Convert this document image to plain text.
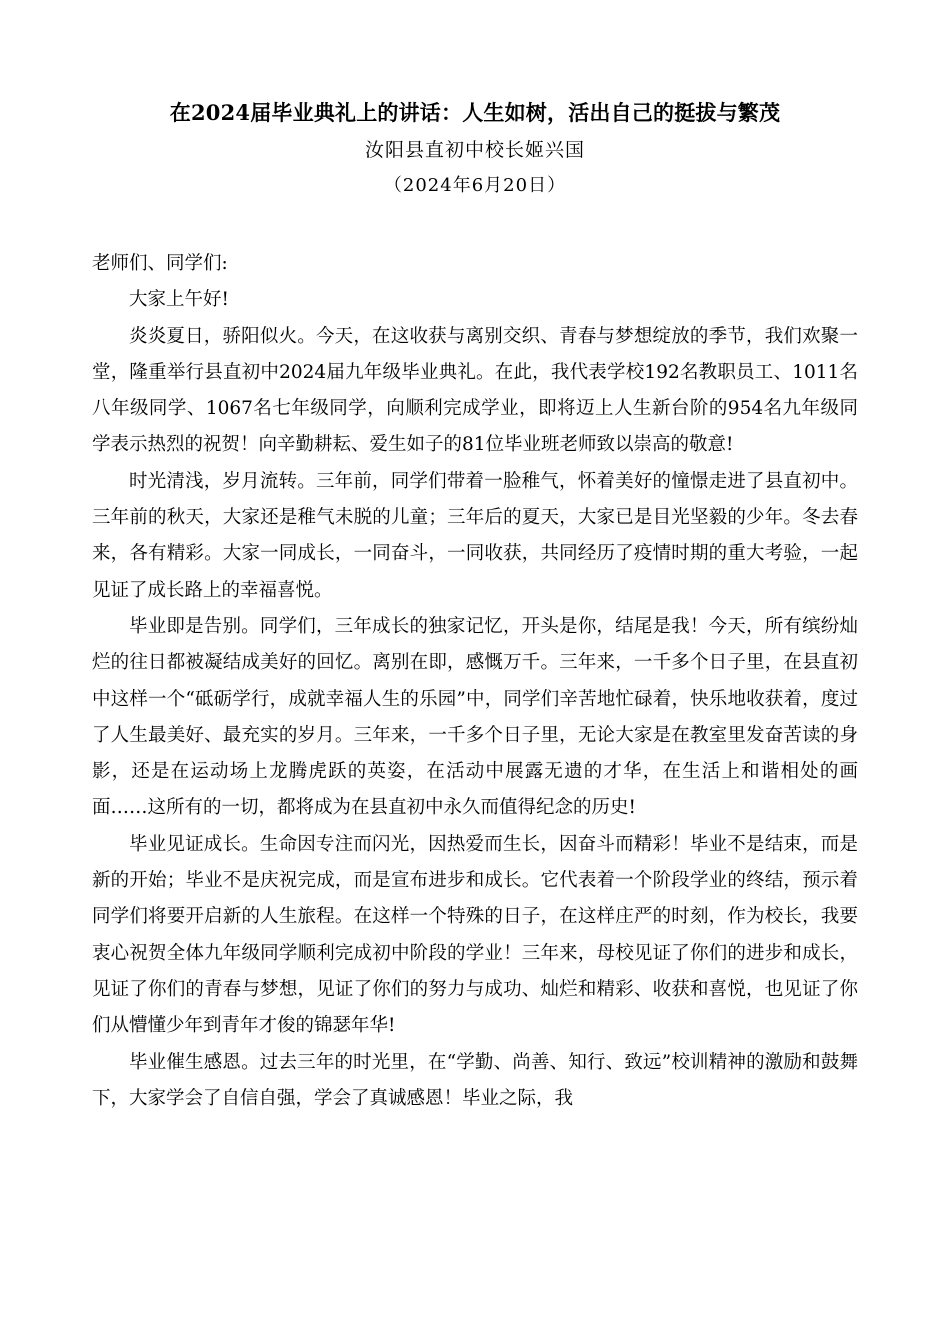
在2024届毕业典礼上的讲话：人生如树，活出自己的挺拔与繁茂
汝阳县直初中校长姬兴国
（2024年6月20日）

老师们、同学们:

大家上午好!

炎炎夏日，骄阳似火。今天，在这收获与离别交织、青春与梦想绽放的季节，我们欢聚一堂，隆重举行县直初中2024届九年级毕业典礼。在此，我代表学校192名教职员工、1011名八年级同学、1067名七年级同学，向顺利完成学业，即将迈上人生新台阶的954名九年级同学表示热烈的祝贺！向辛勤耕耘、爱生如子的81位毕业班老师致以崇高的敬意!

时光清浅，岁月流转。三年前，同学们带着一脸稚气，怀着美好的憧憬走进了县直初中。三年前的秋天，大家还是稚气未脱的儿童；三年后的夏天，大家已是目光坚毅的少年。冬去春来，各有精彩。大家一同成长，一同奋斗，一同收获，共同经历了疫情时期的重大考验，一起见证了成长路上的幸福喜悦。

毕业即是告别。同学们，三年成长的独家记忆，开头是你，结尾是我！今天，所有缤纷灿烂的往日都被凝结成美好的回忆。离别在即，感慨万千。三年来，一千多个日子里，在县直初中这样一个“砥砺学行，成就幸福人生的乐园”中，同学们辛苦地忙碌着，快乐地收获着，度过了人生最美好、最充实的岁月。三年来，一千多个日子里，无论大家是在教室里发奋苦读的身影，还是在运动场上龙腾虎跃的英姿，在活动中展露无遗的才华，在生活上和谐相处的画面……这所有的一切，都将成为在县直初中永久而值得纪念的历史!

毕业见证成长。生命因专注而闪光，因热爱而生长，因奋斗而精彩！毕业不是结束，而是新的开始；毕业不是庆祝完成，而是宣布进步和成长。它代表着一个阶段学业的终结，预示着同学们将要开启新的人生旅程。在这样一个特殊的日子，在这样庄严的时刻，作为校长，我要衷心祝贺全体九年级同学顺利完成初中阶段的学业！三年来，母校见证了你们的进步和成长，见证了你们的青春与梦想，见证了你们的努力与成功、灿烂和精彩、收获和喜悦，也见证了你们从懵懂少年到青年才俊的锦瑟年华!

毕业催生感恩。过去三年的时光里，在“学勤、尚善、知行、致远”校训精神的激励和鼓舞下，大家学会了自信自强，学会了真诚感恩！毕业之际，我
